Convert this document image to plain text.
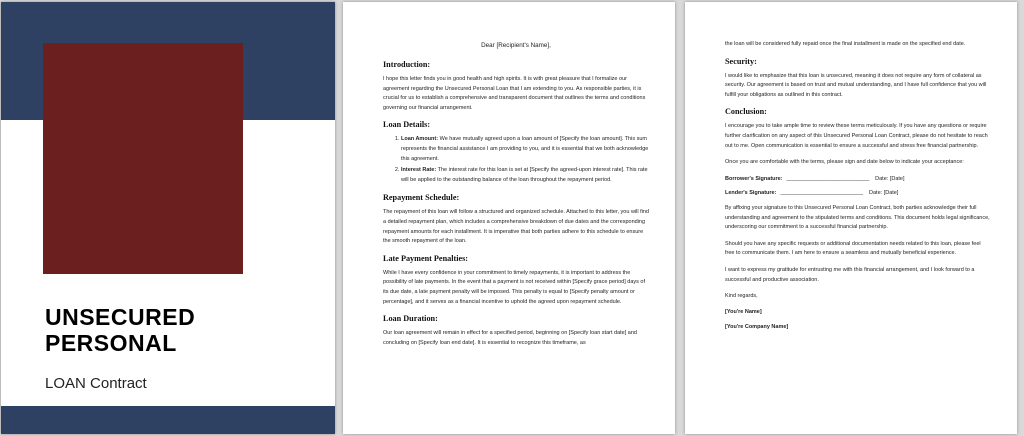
UNSECURED
PERSONAL
LOAN Contract

Dear [Recipient's Name],

Introduction:

I hope this letter finds you in good health and high spirits. It is with great pleasure that I formalize our agreement regarding the Unsecured Personal Loan that I am extending to you. As responsible parties, it is crucial for us to establish a comprehensive and transparent document that outlines the terms and conditions governing our financial arrangement.

Loan Details:

1. Loan Amount: We have mutually agreed upon a loan amount of [Specify the loan amount]. This sum represents the financial assistance I am providing to you, and it is essential that we both acknowledge this agreement.
2. Interest Rate: The interest rate for this loan is set at [Specify the agreed-upon interest rate]. This rate will be applied to the outstanding balance of the loan throughout the repayment period.

Repayment Schedule:

The repayment of this loan will follow a structured and organized schedule. Attached to this letter, you will find a detailed repayment plan, which includes a comprehensive breakdown of due dates and the corresponding repayment amounts for each installment. It is imperative that both parties adhere to this schedule to ensure the smooth repayment of the loan.

Late Payment Penalties:

While I have every confidence in your commitment to timely repayments, it is important to address the possibility of late payments. In the event that a payment is not received within [Specify grace period] days of its due date, a late payment penalty will be imposed. This penalty is equal to [Specify penalty amount or percentage], and it serves as a financial incentive to uphold the agreed upon repayment schedule.

Loan Duration:

Our loan agreement will remain in effect for a specified period, beginning on [Specify loan start date] and concluding on [Specify loan end date]. It is essential to recognize this timeframe, as

the loan will be considered fully repaid once the final installment is made on the specified end date.

Security:

I would like to emphasize that this loan is unsecured, meaning it does not require any form of collateral as security. Our agreement is based on trust and mutual understanding, and I have full confidence that you will fulfill your obligations as outlined in this contract.

Conclusion:

I encourage you to take ample time to review these terms meticulously. If you have any questions or require further clarification on any aspect of this Unsecured Personal Loan Contract, please do not hesitate to reach out to me. Open communication is essential to ensure a successful and stress free financial partnership.

Once you are comfortable with the terms, please sign and date below to indicate your acceptance:

Borrower's Signature: ___________________________ Date: [Date]
Lender's Signature: ___________________________ Date: [Date]

By affixing your signature to this Unsecured Personal Loan Contract, both parties acknowledge their full understanding and agreement to the stipulated terms and conditions. This document holds legal significance, underscoring our commitment to a successful financial partnership.

Should you have any specific requests or additional documentation needs related to this loan, please feel free to communicate them. I am here to ensure a seamless and mutually beneficial experience.

I want to express my gratitude for entrusting me with this financial arrangement, and I look forward to a successful and productive association.

Kind regards,

[You're Name]

[You're Company Name]
